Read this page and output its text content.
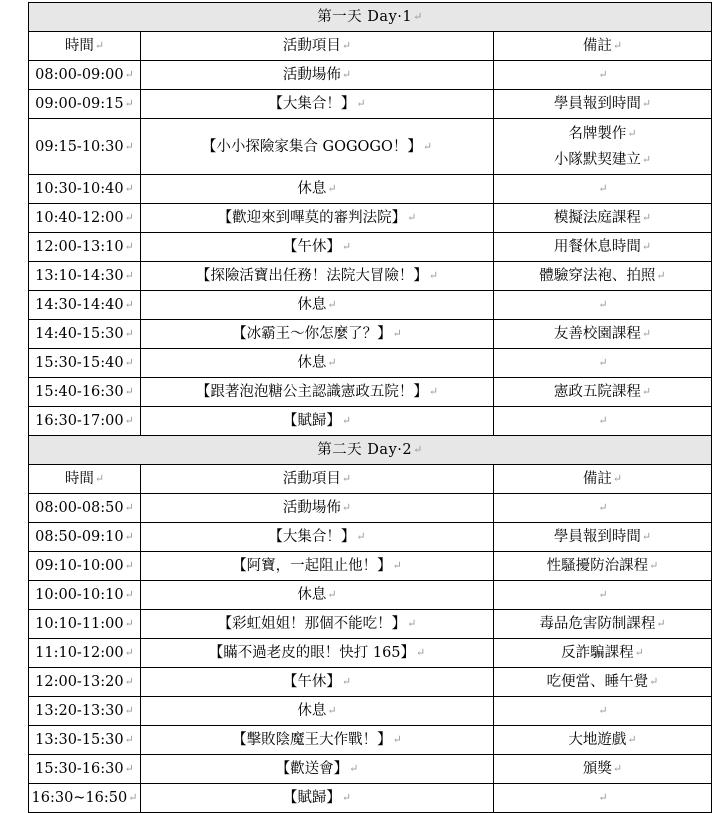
第一天 Day·1↵		
時間↵	活動項目↵	備註↵
08:00-09:00↵	活動場佈↵	↵
09:00-09:15↵	【大集合！】↵	學員報到時間↵

09:15-10:30↵	【小小探險家集合 GOGOGO！】↵	名牌製作↵
小隊默契建立↵

10:30-10:40↵	休息↵	↵
10:40-12:00↵	【歡迎來到嗶莫的審判法院】↵	模擬法庭課程↵

12:00-13:10↵	【午休】↵	用餐休息時間↵

13:10-14:30↵	【探險活寶出任務！法院大冒險！】↵	體驗穿法袍、拍照↵

14:30-14:40↵	休息↵	↵
14:40-15:30↵	【冰霸王～你怎麼了？】↵	友善校園課程↵

15:30-15:40↵	休息↵	↵
15:40-16:30↵	【跟著泡泡糖公主認識憲政五院！】↵	憲政五院課程↵

16:30-17:00↵	【賦歸】↵	↵
第二天 Day·2↵		
時間↵	活動項目↵	備註↵
08:00-08:50↵	活動場佈↵	↵
08:50-09:10↵	【大集合！】↵	學員報到時間↵

09:10-10:00↵	【阿寶，一起阻止他！】↵	性騷擾防治課程↵

10:00-10:10↵	休息↵	↵
10:10-11:00↵	【彩虹姐姐！那個不能吃！】↵	毒品危害防制課程↵

11:10-12:00↵	【瞞不過老皮的眼！快打 165】↵	反詐騙課程↵

12:00-13:20↵	【午休】↵	吃便當、睡午覺↵

13:20-13:30↵	休息↵	↵
13:30-15:30↵	【擊敗陰魔王大作戰！】↵	大地遊戲↵

15:30-16:30↵	【歡送會】↵	頒獎↵

16:30~16:50↵	【賦歸】↵	↵
